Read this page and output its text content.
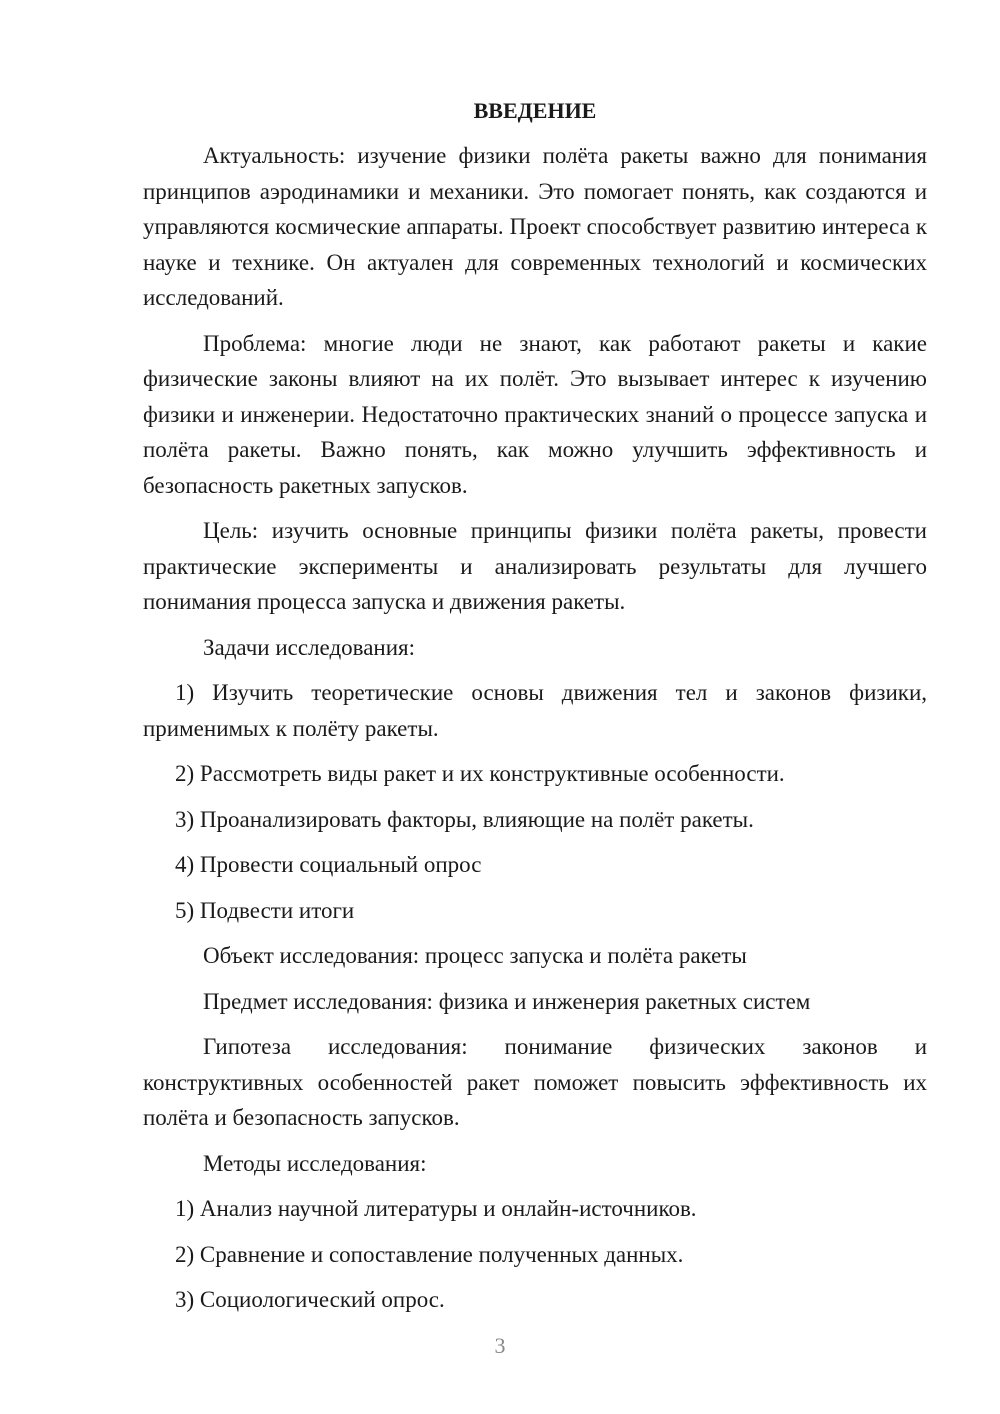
ВВЕДЕНИЕ

Актуальность: изучение физики полёта ракеты важно для понимания принципов аэродинамики и механики. Это помогает понять, как создаются и управляются космические аппараты. Проект способствует развитию интереса к науке и технике. Он актуален для современных технологий и космических исследований.

Проблема: многие люди не знают, как работают ракеты и какие физические законы влияют на их полёт. Это вызывает интерес к изучению физики и инженерии. Недостаточно практических знаний о процессе запуска и полёта ракеты. Важно понять, как можно улучшить эффективность и безопасность ракетных запусков.

Цель: изучить основные принципы физики полёта ракеты, провести практические эксперименты и анализировать результаты для лучшего понимания процесса запуска и движения ракеты.

Задачи исследования:

1) Изучить теоретические основы движения тел и законов физики, применимых к полёту ракеты.

2) Рассмотреть виды ракет и их конструктивные особенности.

3) Проанализировать факторы, влияющие на полёт ракеты.

4) Провести социальный опрос

5) Подвести итоги

Объект исследования: процесс запуска и полёта ракеты

Предмет исследования: физика и инженерия ракетных систем

Гипотеза исследования: понимание физических законов и конструктивных особенностей ракет поможет повысить эффективность их полёта и безопасность запусков.

Методы исследования:

1) Анализ научной литературы и онлайн-источников.

2) Сравнение и сопоставление полученных данных.

3) Социологический опрос.

3
